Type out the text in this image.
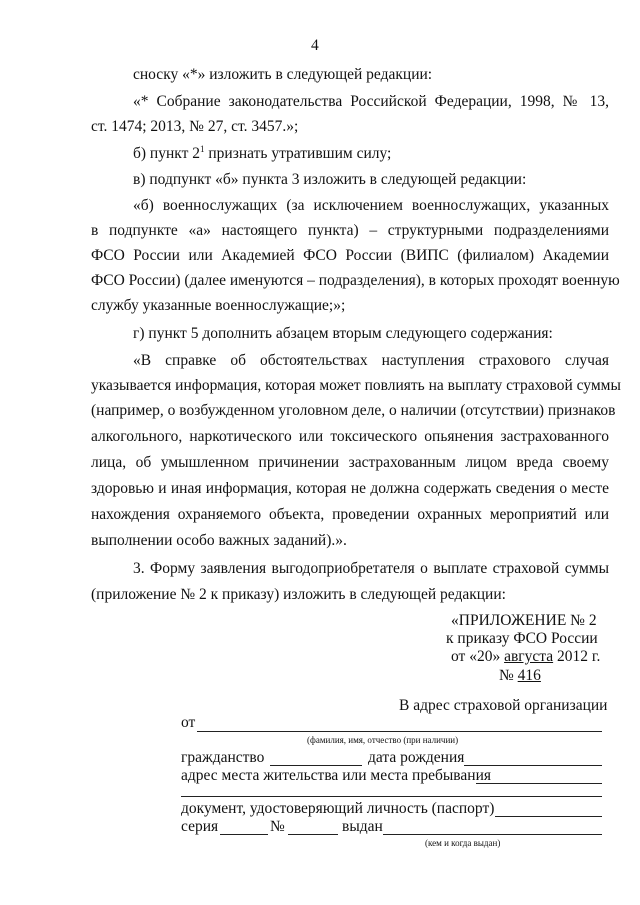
4
сноску «*» изложить в следующей редакции:
«* Собрание законодательства Российской Федерации, 1998, № 13,
ст. 1474; 2013, № 27, ст. 3457.»;
б) пункт $2^1$ признать утратившим силу;
в) подпункт «б» пункта 3 изложить в следующей редакции:
«б) военнослужащих (за исключением военнослужащих, указанных
в подпункте «а» настоящего пункта) – структурными подразделениями
ФСО России или Академией ФСО России (ВИПС (филиалом) Академии
ФСО России) (далее именуются – подразделения), в которых проходят военную
службу указанные военнослужащие;»;
г) пункт 5 дополнить абзацем вторым следующего содержания:
«В справке об обстоятельствах наступления страхового случая
указывается информация, которая может повлиять на выплату страховой суммы
(например, о возбужденном уголовном деле, о наличии (отсутствии) признаков
алкогольного, наркотического или токсического опьянения застрахованного
лица, об умышленном причинении застрахованным лицом вреда своему
здоровью и иная информация, которая не должна содержать сведения о месте
нахождения охраняемого объекта, проведении охранных мероприятий или
выполнении особо важных заданий).».
3. Форму заявления выгодоприобретателя о выплате страховой суммы
(приложение № 2 к приказу) изложить в следующей редакции:
«ПРИЛОЖЕНИЕ № 2
к приказу ФСО России
от «20» августа 2012 г.
№ 416
В адрес страховой организации
от
(фамилия, имя, отчество (при наличии)
гражданство	дата рождения
адрес места жительства или места пребывания
документ, удостоверяющий личность (паспорт)
серия	№	выдан
(кем и когда выдан)
